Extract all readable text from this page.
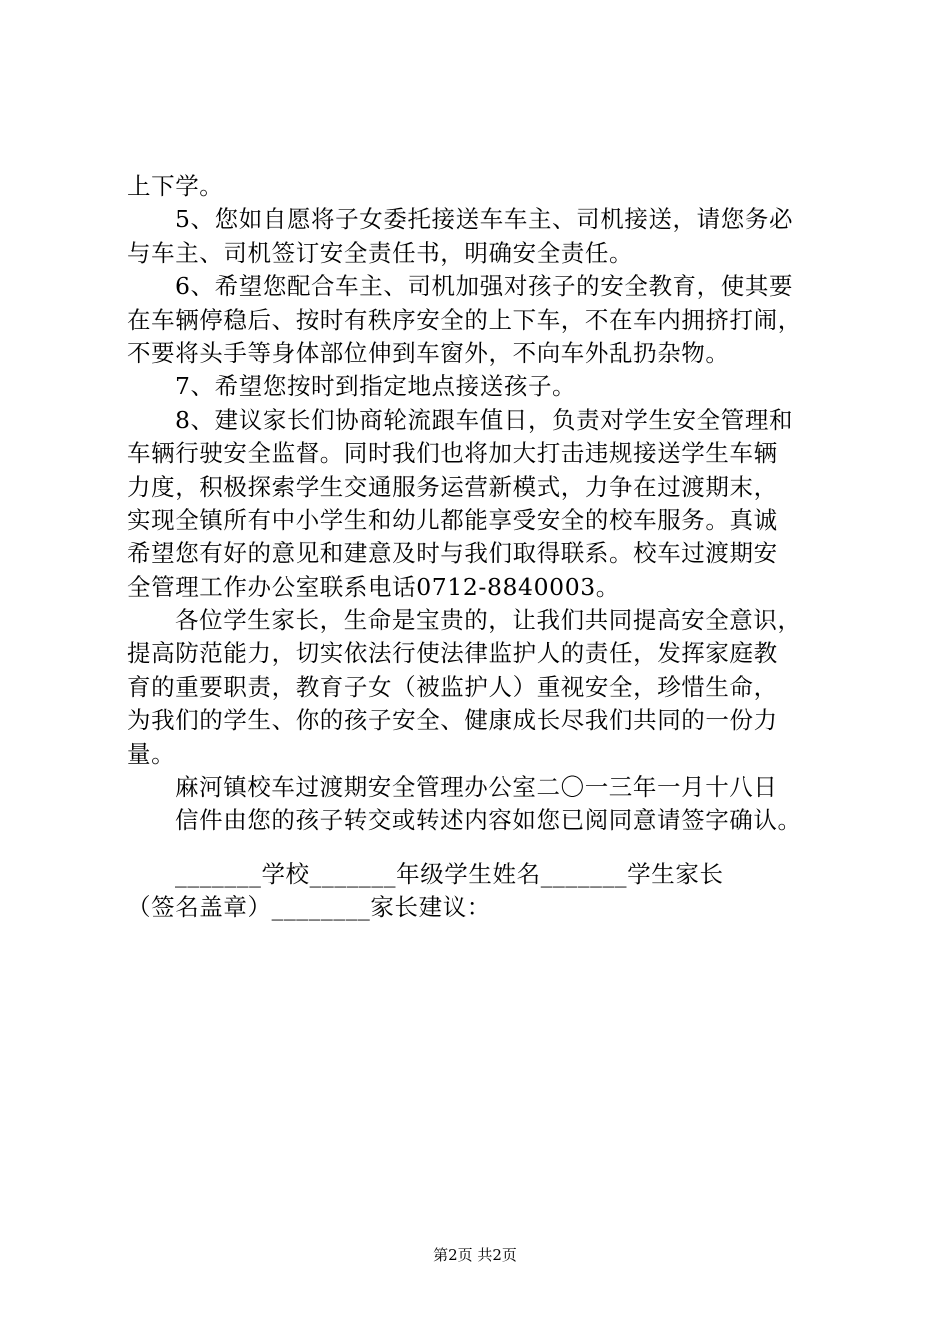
上下学。
5、您如自愿将子女委托接送车车主、司机接送，请您务必
与车主、司机签订安全责任书，明确安全责任。
6、希望您配合车主、司机加强对孩子的安全教育，使其要
在车辆停稳后、按时有秩序安全的上下车，不在车内拥挤打闹，
不要将头手等身体部位伸到车窗外，不向车外乱扔杂物。
7、希望您按时到指定地点接送孩子。
8、建议家长们协商轮流跟车值日，负责对学生安全管理和
车辆行驶安全监督。同时我们也将加大打击违规接送学生车辆
力度，积极探索学生交通服务运营新模式，力争在过渡期末，
实现全镇所有中小学生和幼儿都能享受安全的校车服务。真诚
希望您有好的意见和建意及时与我们取得联系。校车过渡期安
全管理工作办公室联系电话0712-8840003。
各位学生家长，生命是宝贵的，让我们共同提高安全意识，
提高防范能力，切实依法行使法律监护人的责任，发挥家庭教
育的重要职责，教育子女（被监护人）重视安全，珍惜生命，
为我们的学生、你的孩子安全、健康成长尽我们共同的一份力
量。
麻河镇校车过渡期安全管理办公室二〇一三年一月十八日
信件由您的孩子转交或转述内容如您已阅同意请签字确认。
_______学校_______年级学生姓名_______学生家长
（签名盖章）________家长建议：
第2页 共2页
